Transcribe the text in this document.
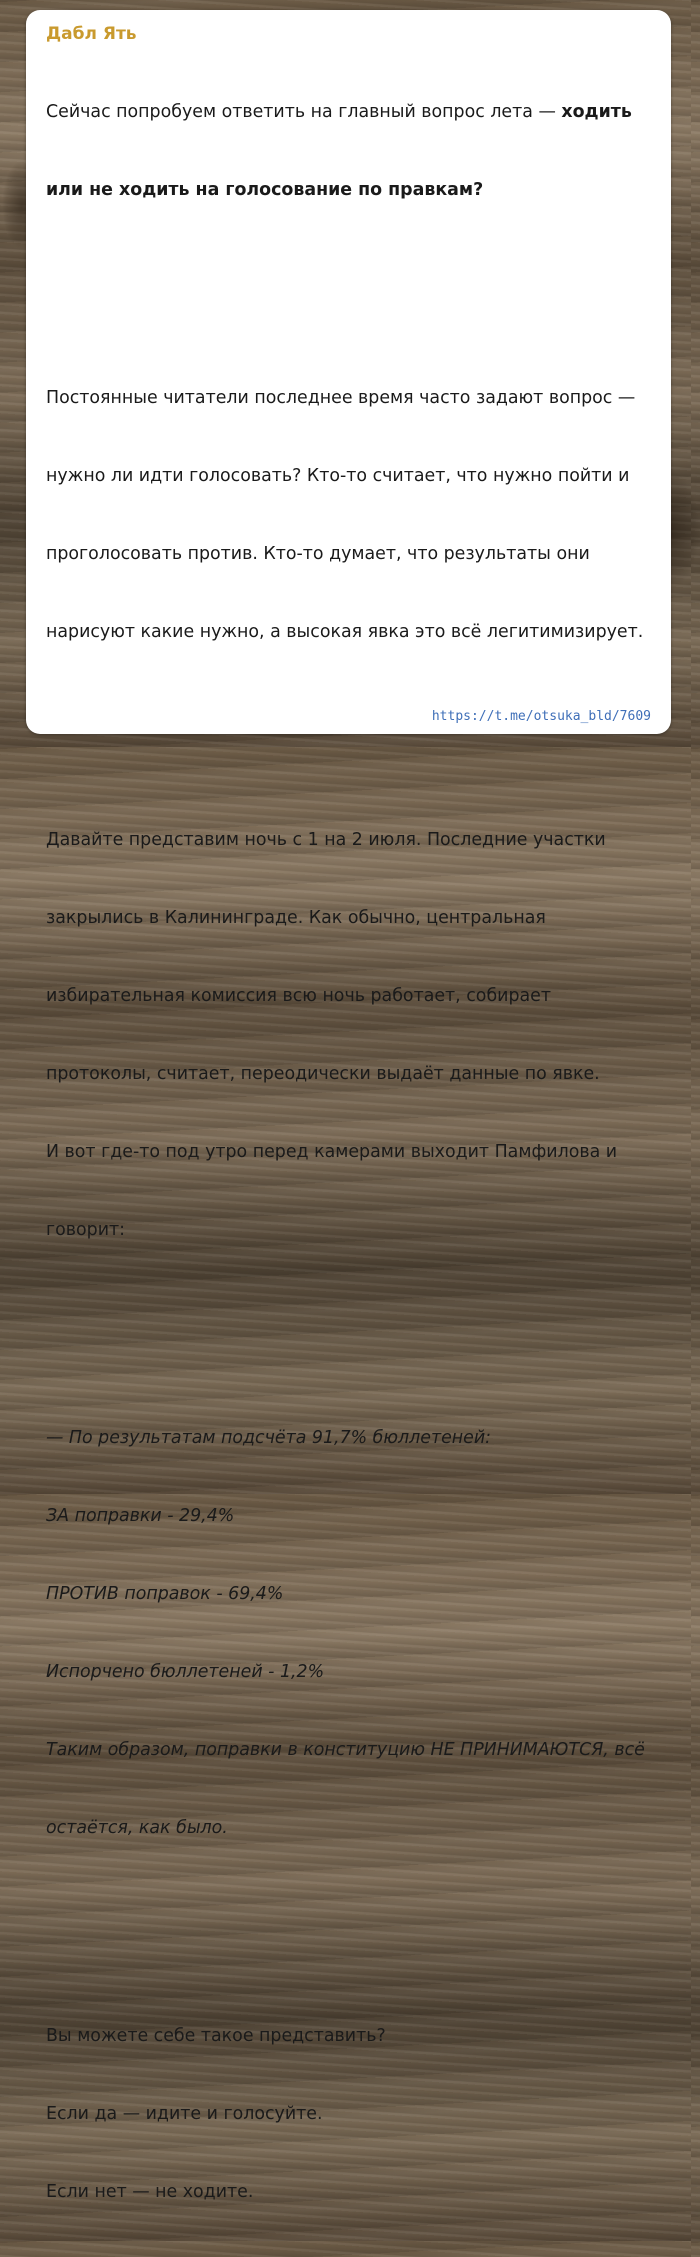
Дабл Ять

Сейчас попробуем ответить на главный вопрос лета — ходить

или не ходить на голосование по правкам?

Постоянные читатели последнее время часто задают вопрос —

нужно ли идти голосовать? Кто-то считает, что нужно пойти и

проголосовать против. Кто-то думает, что результаты они

нарисуют какие нужно, а высокая явка это всё легитимизирует.

Давайте представим ночь с 1 на 2 июля. Последние участки

закрылись в Калининграде. Как обычно, центральная

избирательная комиссия всю ночь работает, собирает

протоколы, считает, переодически выдаёт данные по явке.

И вот где-то под утро перед камерами выходит Памфилова и

говорит:

— По результатам подсчёта 91,7% бюллетеней:

ЗА поправки - 29,4%

ПРОТИВ поправок - 69,4%

Испорчено бюллетеней - 1,2%

Таким образом, поправки в конституцию НЕ ПРИНИМАЮТСЯ, всё

остаётся, как было.

Вы можете себе такое представить?

Если да — идите и голосуйте.

Если нет — не ходите.

https://t.me/otsuka_bld/7609
